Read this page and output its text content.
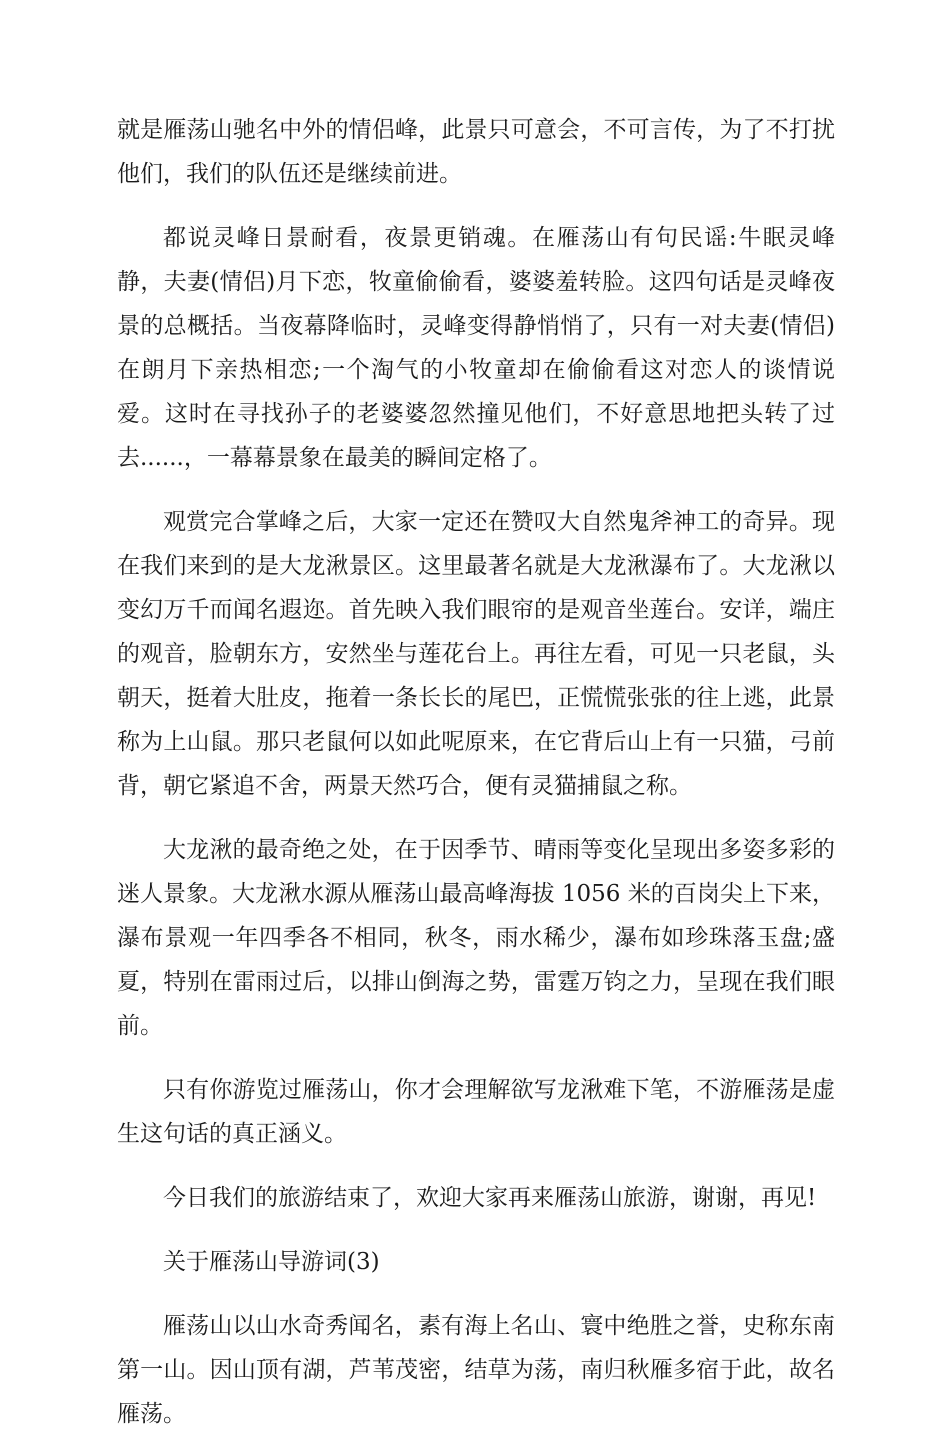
就是雁荡山驰名中外的情侣峰，此景只可意会，不可言传，为了不打扰他们，我们的队伍还是继续前进。

都说灵峰日景耐看，夜景更销魂。在雁荡山有句民谣:牛眠灵峰静，夫妻(情侣)月下恋，牧童偷偷看，婆婆羞转脸。这四句话是灵峰夜景的总概括。当夜幕降临时，灵峰变得静悄悄了，只有一对夫妻(情侣)在朗月下亲热相恋;一个淘气的小牧童却在偷偷看这对恋人的谈情说爱。这时在寻找孙子的老婆婆忽然撞见他们，不好意思地把头转了过去......，一幕幕景象在最美的瞬间定格了。

观赏完合掌峰之后，大家一定还在赞叹大自然鬼斧神工的奇异。现在我们来到的是大龙湫景区。这里最著名就是大龙湫瀑布了。大龙湫以变幻万千而闻名遐迩。首先映入我们眼帘的是观音坐莲台。安详，端庄的观音，脸朝东方，安然坐与莲花台上。再往左看，可见一只老鼠，头朝天，挺着大肚皮，拖着一条长长的尾巴，正慌慌张张的往上逃，此景称为上山鼠。那只老鼠何以如此呢原来，在它背后山上有一只猫，弓前背，朝它紧追不舍，两景天然巧合，便有灵猫捕鼠之称。

大龙湫的最奇绝之处，在于因季节、晴雨等变化呈现出多姿多彩的迷人景象。大龙湫水源从雁荡山最高峰海拔 1056 米的百岗尖上下来，瀑布景观一年四季各不相同，秋冬，雨水稀少，瀑布如珍珠落玉盘;盛夏，特别在雷雨过后，以排山倒海之势，雷霆万钧之力，呈现在我们眼前。

只有你游览过雁荡山，你才会理解欲写龙湫难下笔，不游雁荡是虚生这句话的真正涵义。

今日我们的旅游结束了，欢迎大家再来雁荡山旅游，谢谢，再见!

关于雁荡山导游词(3)

雁荡山以山水奇秀闻名，素有海上名山、寰中绝胜之誉，史称东南第一山。因山顶有湖，芦苇茂密，结草为荡，南归秋雁多宿于此，故名雁荡。
